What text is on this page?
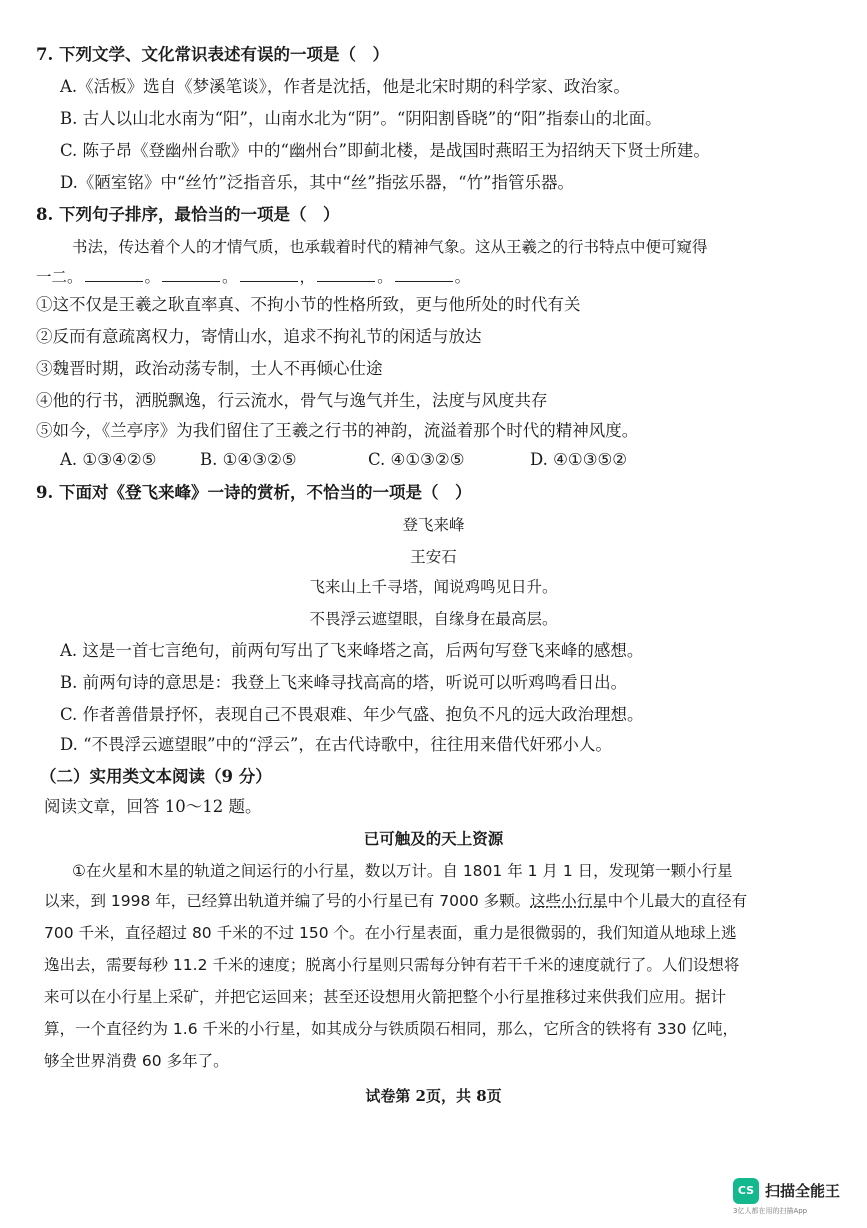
7. 下列文学、文化常识表述有误的一项是（　）
A.《活板》选自《梦溪笔谈》，作者是沈括，他是北宋时期的科学家、政治家。
B. 古人以山北水南为“阳”，山南水北为“阴”。“阴阳割昏晓”的“阳”指泰山的北面。
C. 陈子昂《登幽州台歌》中的“幽州台”即蓟北楼，是战国时燕昭王为招纳天下贤士所建。
D.《陋室铭》中“丝竹”泛指音乐，其中“丝”指弦乐器，“竹”指管乐器。
8. 下列句子排序，最恰当的一项是（　）
书法，传达着个人的才情气质，也承载着时代的精神气象。这从王羲之的行书特点中便可窥得
一二。	。	。	，	。	。
①这不仅是王羲之耿直率真、不拘小节的性格所致，更与他所处的时代有关
②反而有意疏离权力，寄情山水，追求不拘礼节的闲适与放达
③魏晋时期，政治动荡专制，士人不再倾心仕途
④他的行书，洒脱飘逸，行云流水，骨气与逸气并生，法度与风度共存
⑤如今，《兰亭序》为我们留住了王羲之行书的神韵，流溢着那个时代的精神风度。
A. ①③④②⑤	B. ①④③②⑤	C. ④①③②⑤	D. ④①③⑤②
9. 下面对《登飞来峰》一诗的赏析，不恰当的一项是（　）
登飞来峰
王安石
飞来山上千寻塔，闻说鸡鸣见日升。
不畏浮云遮望眼，自缘身在最高层。
A. 这是一首七言绝句，前两句写出了飞来峰塔之高，后两句写登飞来峰的感想。
B. 前两句诗的意思是：我登上飞来峰寻找高高的塔，听说可以听鸡鸣看日出。
C. 作者善借景抒怀，表现自己不畏艰难、年少气盛、抱负不凡的远大政治理想。
D. “不畏浮云遮望眼”中的“浮云”，在古代诗歌中，往往用来借代奸邪小人。
（二）实用类文本阅读（9 分）
阅读文章，回答 10～12 题。
已可触及的天上资源
①在火星和木星的轨道之间运行的小行星，数以万计。自 1801 年 1 月 1 日，发现第一颗小行星
以来，到 1998 年，已经算出轨道并编了号的小行星已有 7000 多颗。这些小行星中个儿最大的直径有
700 千米，直径超过 80 千米的不过 150 个。在小行星表面，重力是很微弱的，我们知道从地球上逃
逸出去，需要每秒 11.2 千米的速度；脱离小行星则只需每分钟有若干千米的速度就行了。人们设想将
来可以在小行星上采矿，并把它运回来；甚至还设想用火箭把整个小行星推移过来供我们应用。据计
算，一个直径约为 1.6 千米的小行星，如其成分与铁质陨石相同，那么，它所含的铁将有 330 亿吨，
够全世界消费 60 多年了。
试卷第 2页，共 8页
CS 扫描全能王
3亿人都在用的扫描App
